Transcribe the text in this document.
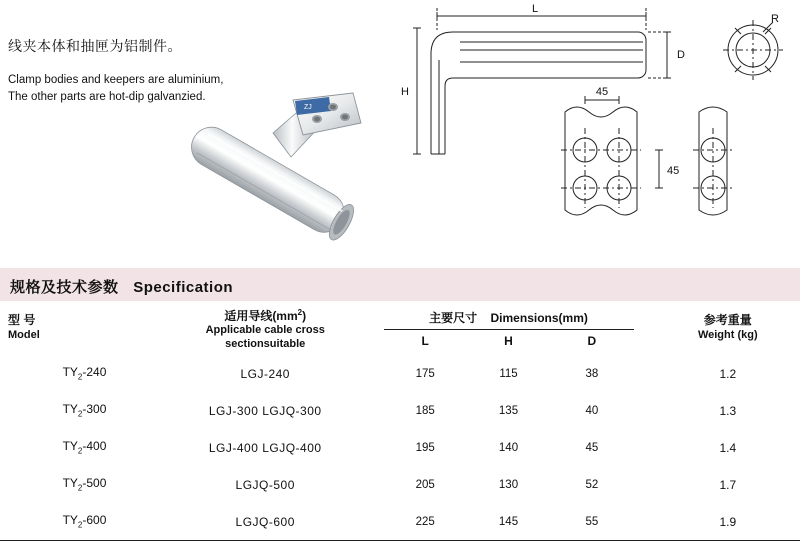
线夹本体和抽匣为铝制件。
Clamp bodies and keepers are aluminium,
The other parts are hot-dip galvanzied.
ZJ
L
D
H
R
45
45
规格及技术参数 Specification
型 号
Model

适用导线$(mm^2)$
Applicable cable cross
sectionsuitable

主要尺寸 Dimensions(mm)
L	H	D

参考重量
Weight (kg)

$TY_2-240$	LGJ-240	175 115 38	1.2
$TY_2-300$	LGJ-300 LGJQ-300	185 135 40	1.3
$TY_2-400$	LGJ-400 LGJQ-400	195 140 45	1.4
$TY_2-500$	LGJQ-500	205 130 52	1.7
$TY_2-600$	LGJQ-600	225 145 55	1.9
